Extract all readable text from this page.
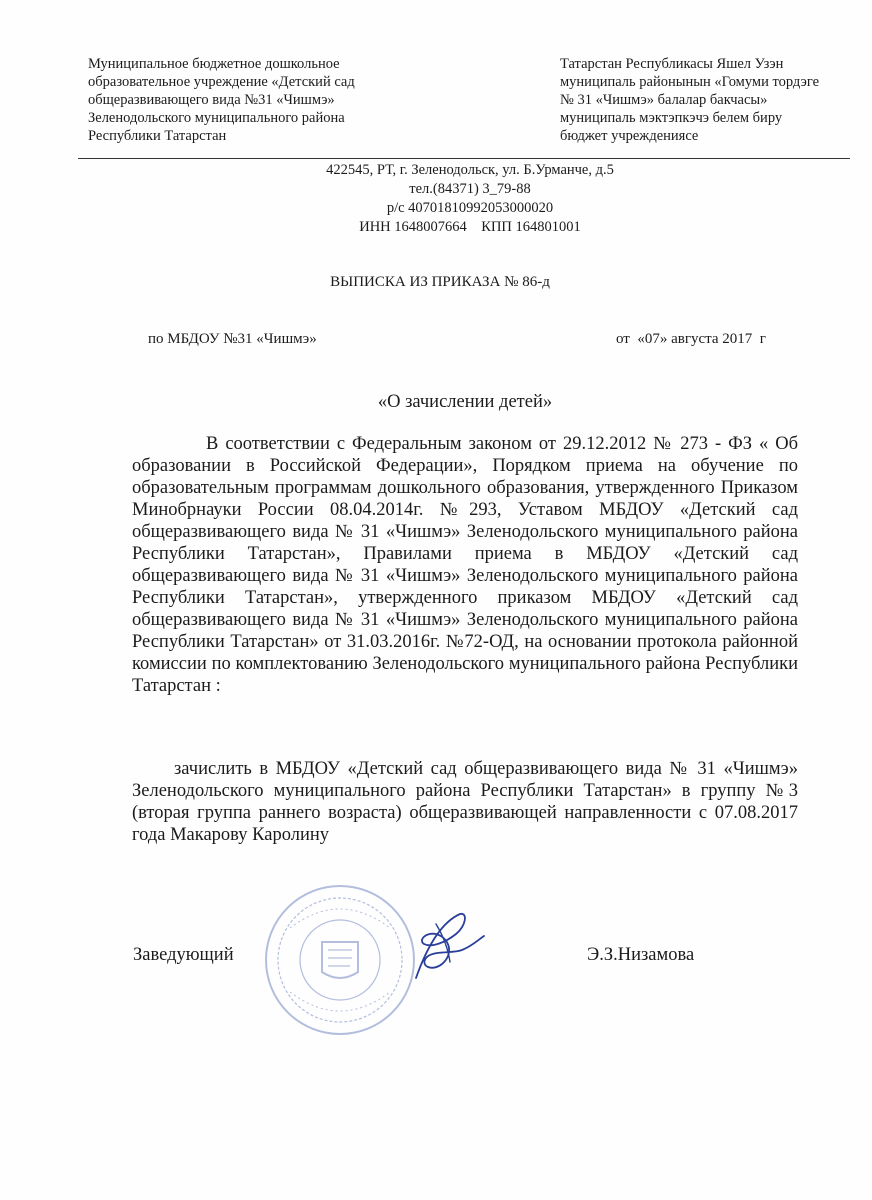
Муниципальное бюджетное дошкольное
образовательное учреждение «Детский сад
общеразвивающего вида №31 «Чишмэ»
Зеленодольского муниципального района
Республики Татарстан
Татарстан Республикасы Яшел Узэн
муниципаль районынын «Гомуми тордэге
№ 31 «Чишмэ» балалар бакчасы»
муниципаль мэктэпкэчэ белем биру
бюджет учреждениясе
422545, РТ, г. Зеленодольск, ул. Б.Урманче, д.5
тел.(84371) 3_79-88
р/с 40701810992053000020
ИНН 1648007664    КПП 164801001
ВЫПИСКА ИЗ ПРИКАЗА № 86-д
по МБДОУ №31 «Чишмэ»	от  «07» августа 2017  г
«О зачислении детей»
В соответствии с Федеральным законом от 29.12.2012 № 273 - ФЗ « Об образовании в Российской Федерации», Порядком приема на обучение по образовательным программам дошкольного образования, утвержденного Приказом Минобрнауки России 08.04.2014г. №293, Уставом МБДОУ «Детский сад общеразвивающего вида № 31 «Чишмэ» Зеленодольского муниципального района Республики Татарстан», Правилами приема в МБДОУ «Детский сад общеразвивающего вида № 31 «Чишмэ» Зеленодольского муниципального района Республики Татарстан», утвержденного приказом МБДОУ «Детский сад общеразвивающего вида № 31 «Чишмэ» Зеленодольского муниципального района Республики Татарстан» от 31.03.2016г. №72-ОД, на основании протокола районной комиссии по комплектованию Зеленодольского муниципального района Республики Татарстан :
зачислить в МБДОУ «Детский сад общеразвивающего вида № 31 «Чишмэ» Зеленодольского муниципального района Республики Татарстан» в группу №3 (вторая группа раннего возраста) общеразвивающей направленности с 07.08.2017 года Макарову Каролину
Заведующий	Э.З.Низамова
